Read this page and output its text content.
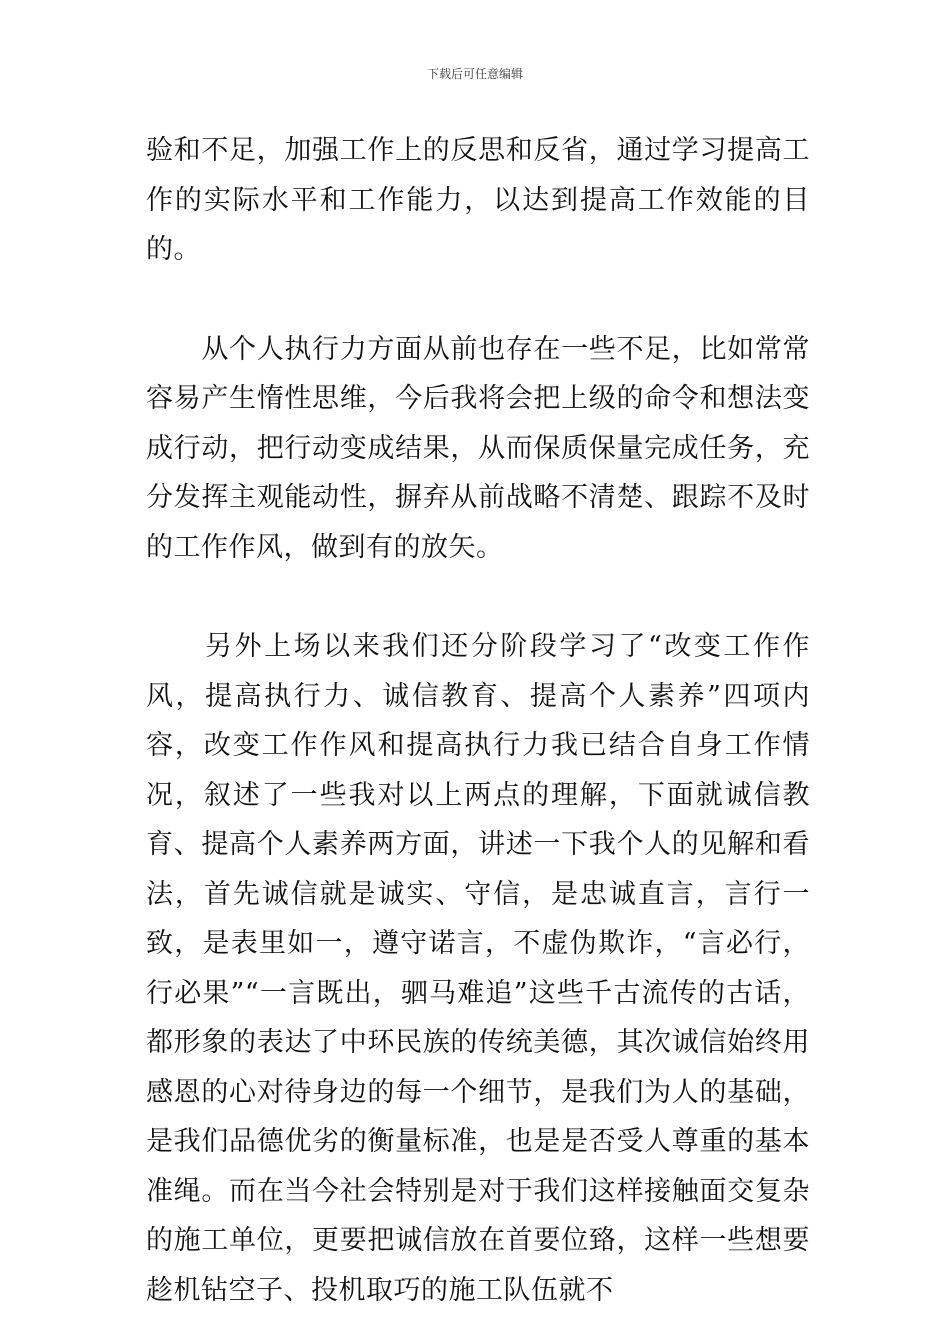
下载后可任意编辑

验和不足，加强工作上的反思和反省，通过学习提高工作的实际水平和工作能力，以达到提高工作效能的目的。

　　从个人执行力方面从前也存在一些不足，比如常常容易产生惰性思维，今后我将会把上级的命令和想法变成行动，把行动变成结果，从而保质保量完成任务，充分发挥主观能动性，摒弃从前战略不清楚、跟踪不及时的工作作风，做到有的放矢。

　　另外上场以来我们还分阶段学习了“改变工作作风，提高执行力、诚信教育、提高个人素养”四项内容，改变工作作风和提高执行力我已结合自身工作情况，叙述了一些我对以上两点的理解，下面就诚信教育、提高个人素养两方面，讲述一下我个人的见解和看法，首先诚信就是诚实、守信，是忠诚直言，言行一致，是表里如一，遵守诺言，不虚伪欺诈，“言必行，行必果”“一言既出，驷马难追”这些千古流传的古话，都形象的表达了中环民族的传统美德，其次诚信始终用感恩的心对待身边的每一个细节，是我们为人的基础，是我们品德优劣的衡量标准，也是是否受人尊重的基本准绳。而在当今社会特别是对于我们这样接触面交复杂的施工单位，更要把诚信放在首要位臵，这样一些想要趁机钻空子、投机取巧的施工队伍就不
